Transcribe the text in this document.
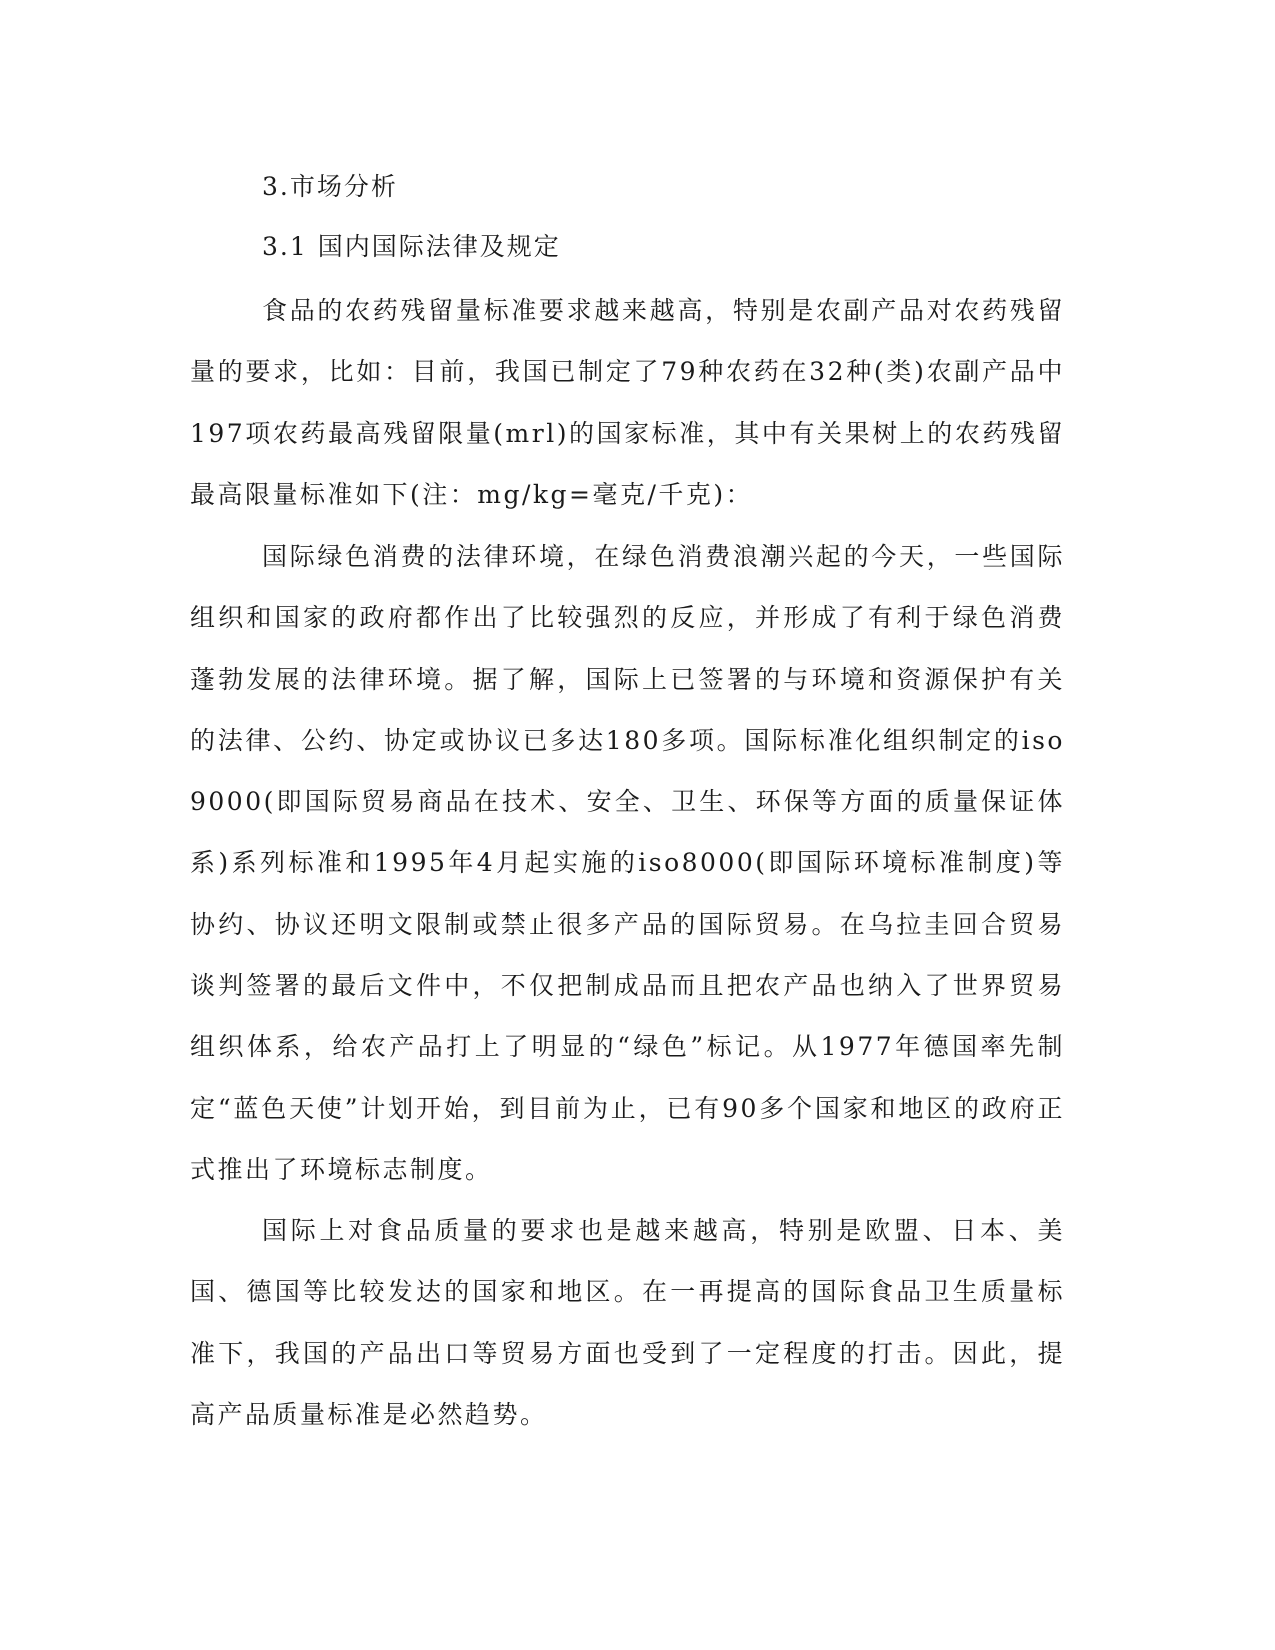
3.市场分析
3.1 国内国际法律及规定

食品的农药残留量标准要求越来越高，特别是农副产品对农药残留量的要求，比如：目前，我国已制定了79种农药在32种(类)农副产品中197项农药最高残留限量(mrl)的国家标准，其中有关果树上的农药残留最高限量标准如下(注：mg/kg=毫克/千克)：

国际绿色消费的法律环境，在绿色消费浪潮兴起的今天，一些国际组织和国家的政府都作出了比较强烈的反应，并形成了有利于绿色消费蓬勃发展的法律环境。据了解，国际上已签署的与环境和资源保护有关的法律、公约、协定或协议已多达180多项。国际标准化组织制定的iso9000(即国际贸易商品在技术、安全、卫生、环保等方面的质量保证体系)系列标准和1995年4月起实施的iso8000(即国际环境标准制度)等协约、协议还明文限制或禁止很多产品的国际贸易。在乌拉圭回合贸易谈判签署的最后文件中，不仅把制成品而且把农产品也纳入了世界贸易组织体系，给农产品打上了明显的“绿色”标记。从1977年德国率先制定“蓝色天使”计划开始，到目前为止，已有90多个国家和地区的政府正式推出了环境标志制度。

国际上对食品质量的要求也是越来越高，特别是欧盟、日本、美国、德国等比较发达的国家和地区。在一再提高的国际食品卫生质量标准下，我国的产品出口等贸易方面也受到了一定程度的打击。因此，提高产品质量标准是必然趋势。
